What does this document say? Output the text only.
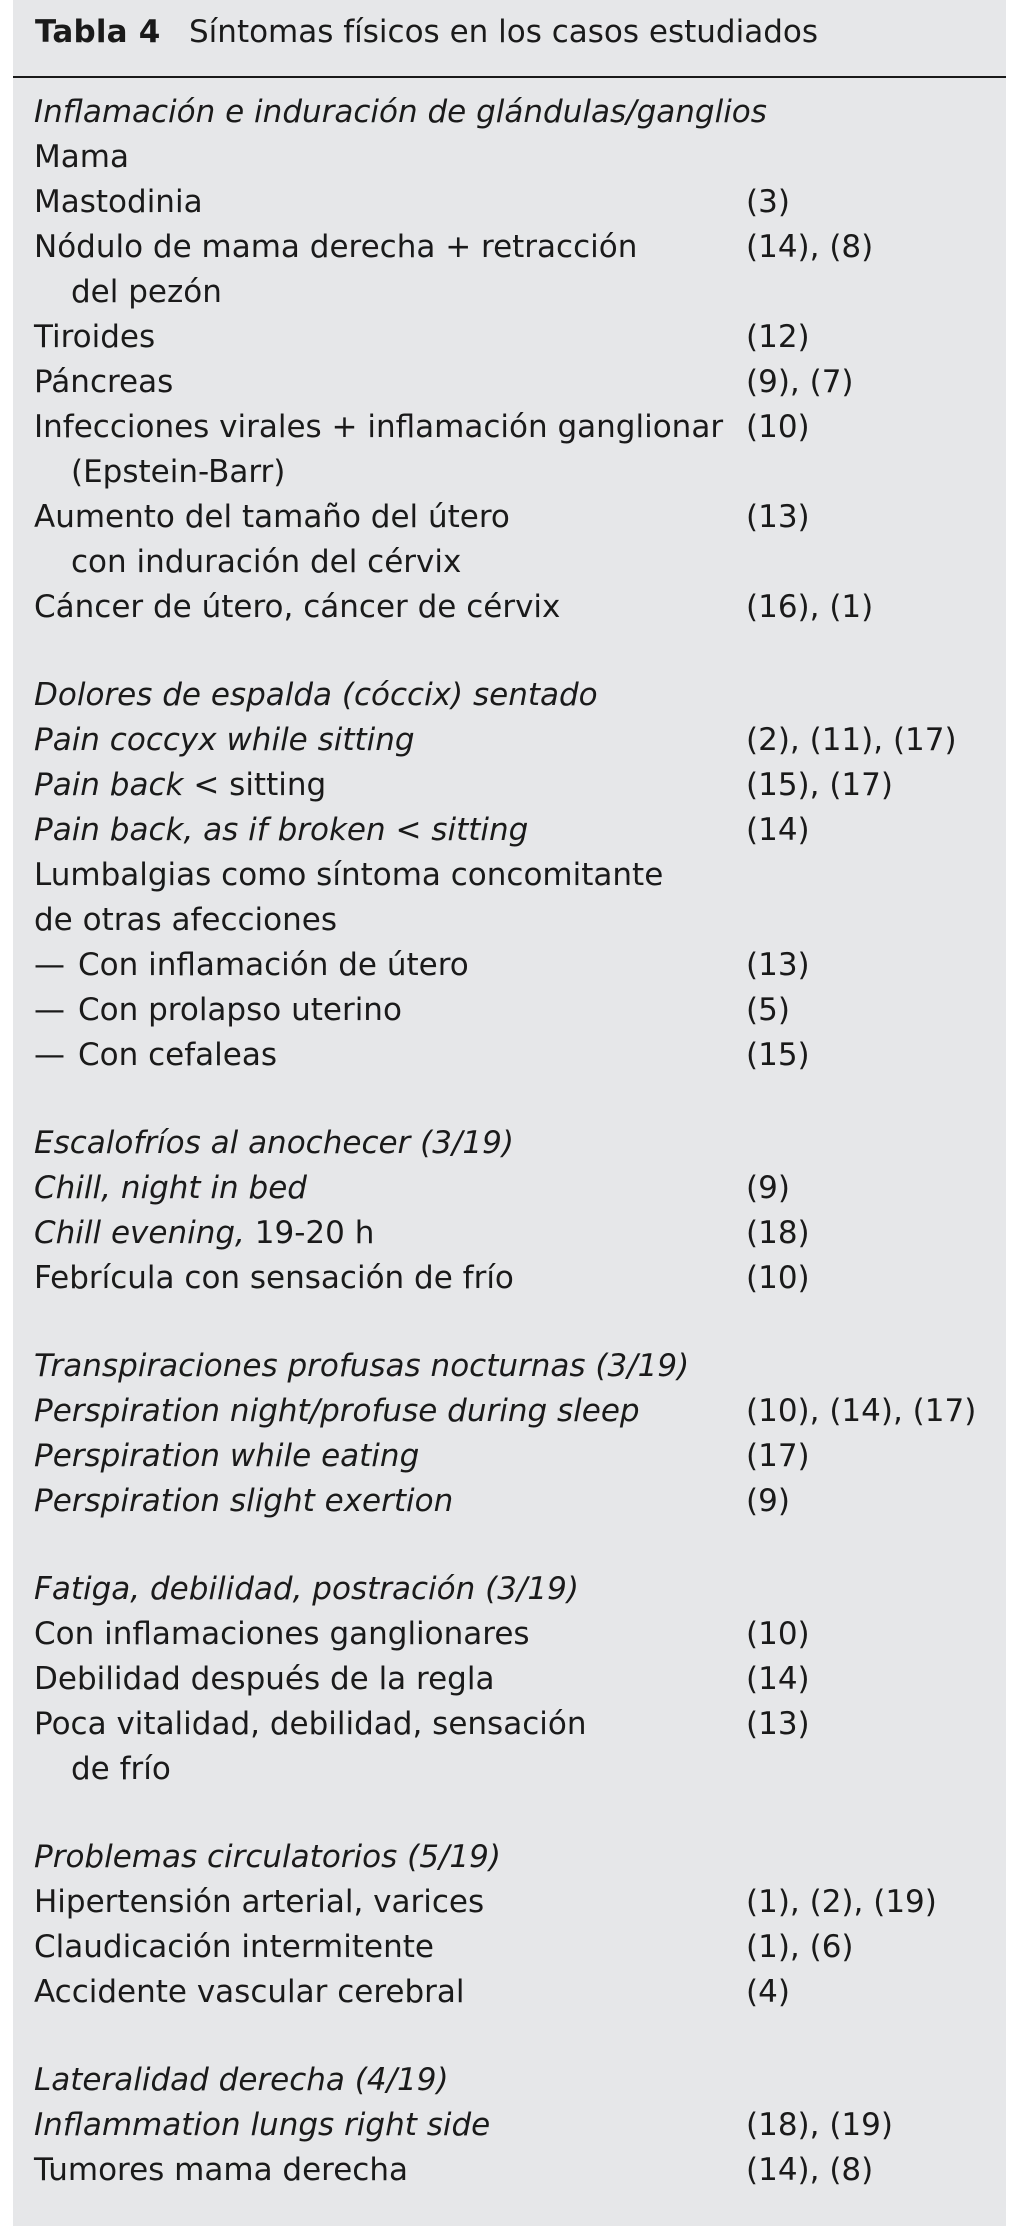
Tabla 4 Síntomas físicos en los casos estudiados
Inflamación e induración de glándulas/ganglios
Mama
Mastodinia	(3)
Nódulo de mama derecha + retracción	(14), (8)
del pezón
Tiroides	(12)
Páncreas	(9), (7)
Infecciones virales + inflamación ganglionar (10)
(Epstein-Barr)
Aumento del tamaño del útero	(13)
con induración del cérvix
Cáncer de útero, cáncer de cérvix	(16), (1)
Dolores de espalda (cóccix) sentado
Pain coccyx while sitting	(2), (11), (17)
Pain back < sitting	(15), (17)
Pain back, as if broken < sitting	(14)
Lumbalgias como síntoma concomitante
de otras afecciones
— Con inflamación de útero	(13)
— Con prolapso uterino	(5)
— Con cefaleas	(15)
Escalofríos al anochecer (3/19)
Chill, night in bed	(9)
Chill evening, 19-20 h	(18)
Febrícula con sensación de frío	(10)
Transpiraciones profusas nocturnas (3/19)
Perspiration night/profuse during sleep	(10), (14), (17)
Perspiration while eating	(17)
Perspiration slight exertion	(9)
Fatiga, debilidad, postración (3/19)
Con inflamaciones ganglionares	(10)
Debilidad después de la regla	(14)
Poca vitalidad, debilidad, sensación	(13)
de frío
Problemas circulatorios (5/19)
Hipertensión arterial, varices	(1), (2), (19)
Claudicación intermitente	(1), (6)
Accidente vascular cerebral	(4)
Lateralidad derecha (4/19)
Inflammation lungs right side	(18), (19)
Tumores mama derecha	(14), (8)
